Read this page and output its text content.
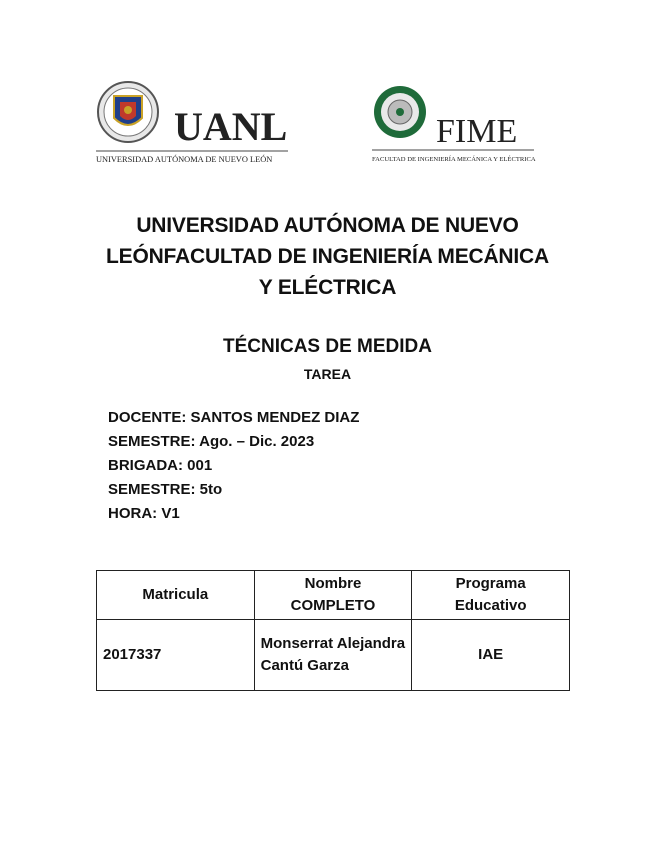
UANL
UNIVERSIDAD AUTÓNOMA DE NUEVO LEÓN
FIME
FACULTAD DE INGENIERÍA MECÁNICA Y ELÉCTRICA
UNIVERSIDAD AUTÓNOMA DE NUEVO
LEÓNFACULTAD DE INGENIERÍA MECÁNICA
Y ELÉCTRICA
TÉCNICAS DE MEDIDA
TAREA
DOCENTE: SANTOS MENDEZ DIAZ
SEMESTRE: Ago. – Dic. 2023
BRIGADA: 001
SEMESTRE: 5to
HORA: V1
Matricula	Nombre COMPLETO	Programa Educativo
2017337	Monserrat Alejandra Cantú Garza	IAE
